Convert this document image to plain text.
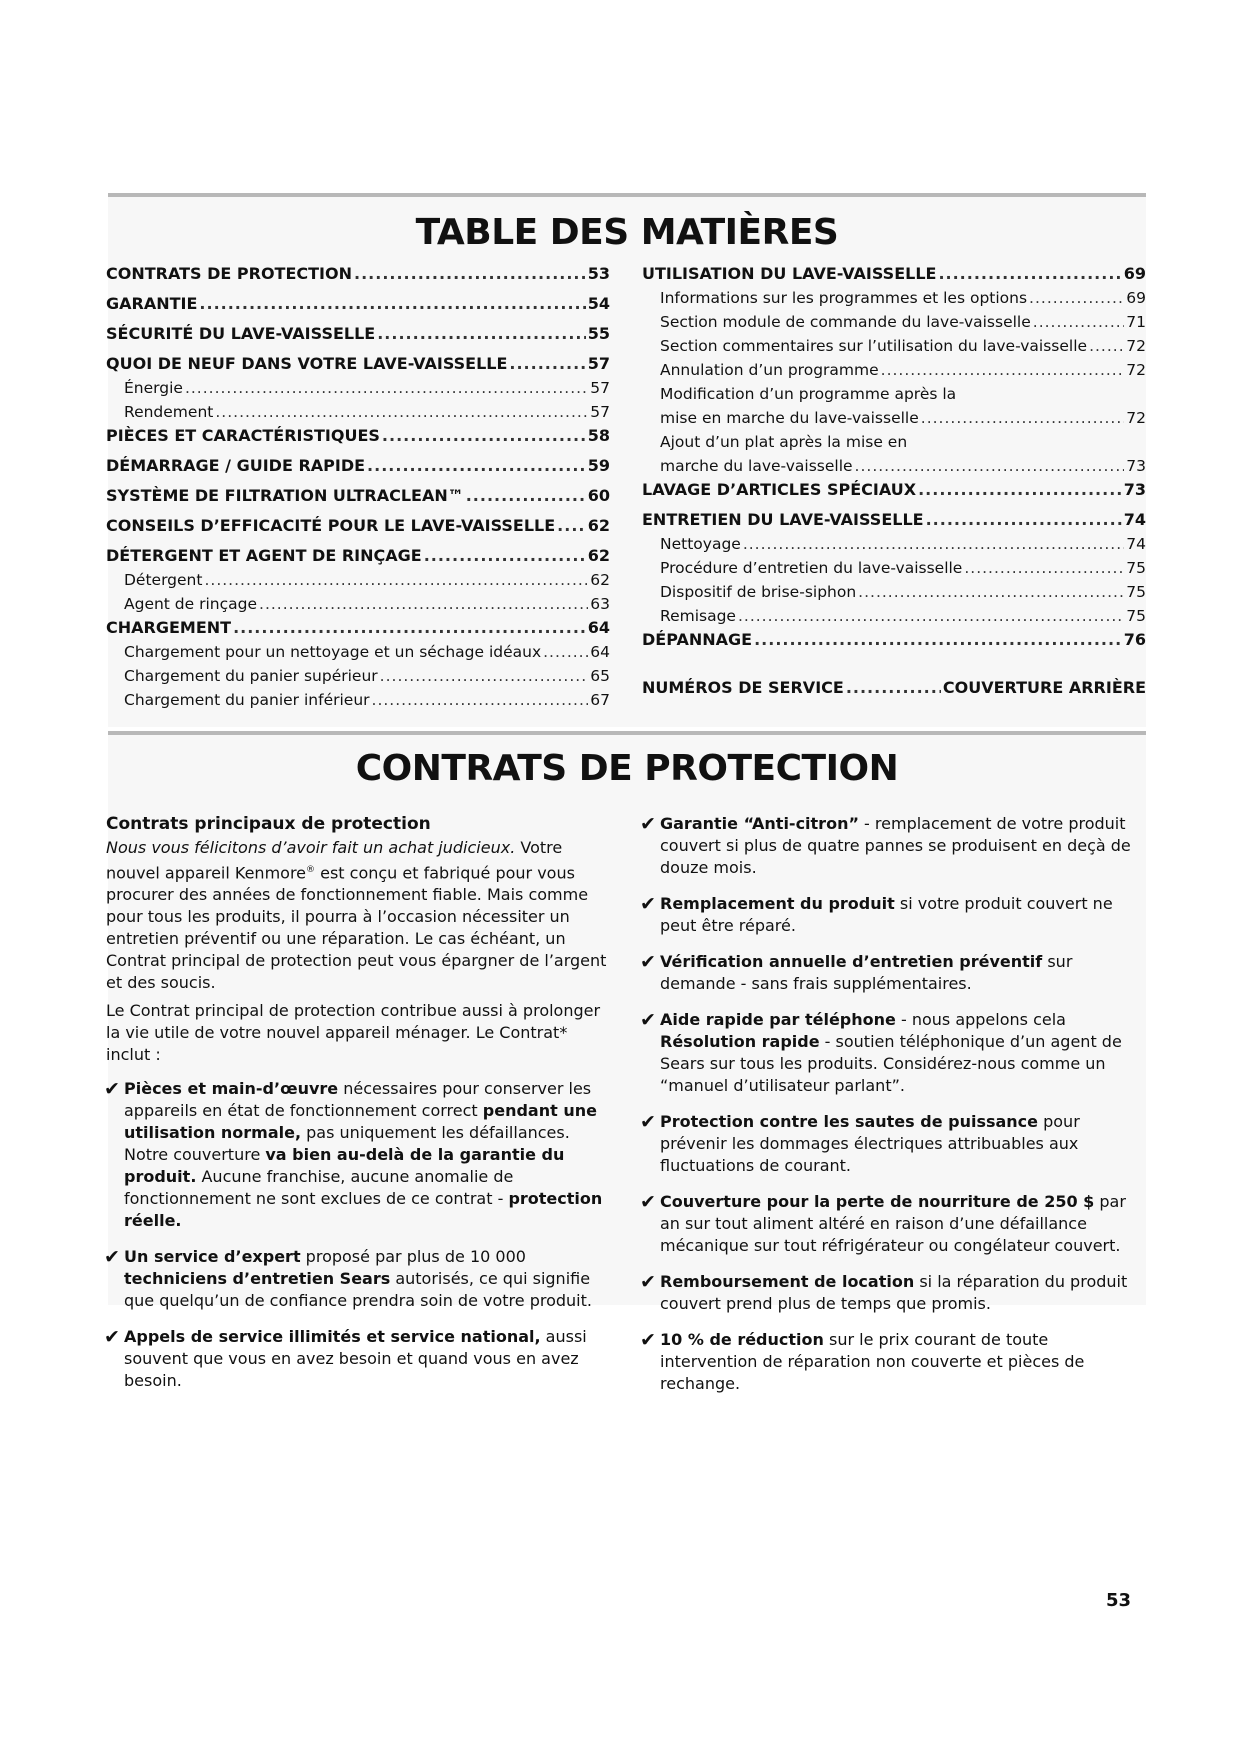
TABLE DES MATIÈRES
CONTRATS DE PROTECTION .....	53
GARANTIE .....	54
SÉCURITÉ DU LAVE-VAISSELLE .....	55
QUOI DE NEUF DANS VOTRE LAVE-VAISSELLE .....	57
Énergie .....	57
Rendement .....	57
PIÈCES ET CARACTÉRISTIQUES .....	58
DÉMARRAGE / GUIDE RAPIDE .....	59
SYSTÈME DE FILTRATION ULTRACLEAN™ .....	60
CONSEILS D’EFFICACITÉ POUR LE LAVE-VAISSELLE ..... 62
DÉTERGENT ET AGENT DE RINÇAGE .....	62
Détergent .....	62
Agent de rinçage .....	63
CHARGEMENT .....	64
Chargement pour un nettoyage et un séchage idéaux .....	64
Chargement du panier supérieur .....	65
Chargement du panier inférieur .....	67
UTILISATION DU LAVE-VAISSELLE .....	69
Informations sur les programmes et les options .....	69
Section module de commande du lave-vaisselle .....	71
Section commentaires sur l’utilisation du lave-vaisselle .....	72
Annulation d’un programme .....	72
Modification d’un programme après la
mise en marche du lave-vaisselle .....	72
Ajout d’un plat après la mise en
marche du lave-vaisselle .....	73
LAVAGE D’ARTICLES SPÉCIAUX .....	73
ENTRETIEN DU LAVE-VAISSELLE .....	74
Nettoyage .....	74
Procédure d’entretien du lave-vaisselle .....	75
Dispositif de brise-siphon .....	75
Remisage .....	75
DÉPANNAGE .....	76
NUMÉROS DE SERVICE .....	COUVERTURE ARRIÈRE
CONTRATS DE PROTECTION
Contrats principaux de protection

Nous vous félicitons d’avoir fait un achat judicieux. Votre nouvel appareil Kenmore® est conçu et fabriqué pour vous procurer des années de fonctionnement fiable. Mais comme pour tous les produits, il pourra à l’occasion nécessiter un entretien préventif ou une réparation. Le cas échéant, un Contrat principal de protection peut vous épargner de l’argent et des soucis.

Le Contrat principal de protection contribue aussi à prolonger la vie utile de votre nouvel appareil ménager. Le Contrat* inclut :

✔ Pièces et main-d’œuvre nécessaires pour conserver les appareils en état de fonctionnement correct pendant une utilisation normale, pas uniquement les défaillances. Notre couverture va bien au-delà de la garantie du produit. Aucune franchise, aucune anomalie de fonctionnement ne sont exclues de ce contrat - protection réelle.
✔ Un service d’expert proposé par plus de 10 000 techniciens d’entretien Sears autorisés, ce qui signifie que quelqu’un de confiance prendra soin de votre produit.
✔ Appels de service illimités et service national, aussi souvent que vous en avez besoin et quand vous en avez besoin.
✔ Garantie “Anti-citron” - remplacement de votre produit couvert si plus de quatre pannes se produisent en deçà de douze mois.
✔ Remplacement du produit si votre produit couvert ne peut être réparé.
✔ Vérification annuelle d’entretien préventif sur demande - sans frais supplémentaires.
✔ Aide rapide par téléphone - nous appelons cela Résolution rapide - soutien téléphonique d’un agent de Sears sur tous les produits. Considérez-nous comme un “manuel d’utilisateur parlant”.
✔ Protection contre les sautes de puissance pour prévenir les dommages électriques attribuables aux fluctuations de courant.
✔ Couverture pour la perte de nourriture de 250 $ par an sur tout aliment altéré en raison d’une défaillance mécanique sur tout réfrigérateur ou congélateur couvert.
✔ Remboursement de location si la réparation du produit couvert prend plus de temps que promis.
✔ 10 % de réduction sur le prix courant de toute intervention de réparation non couverte et pièces de rechange.
53
